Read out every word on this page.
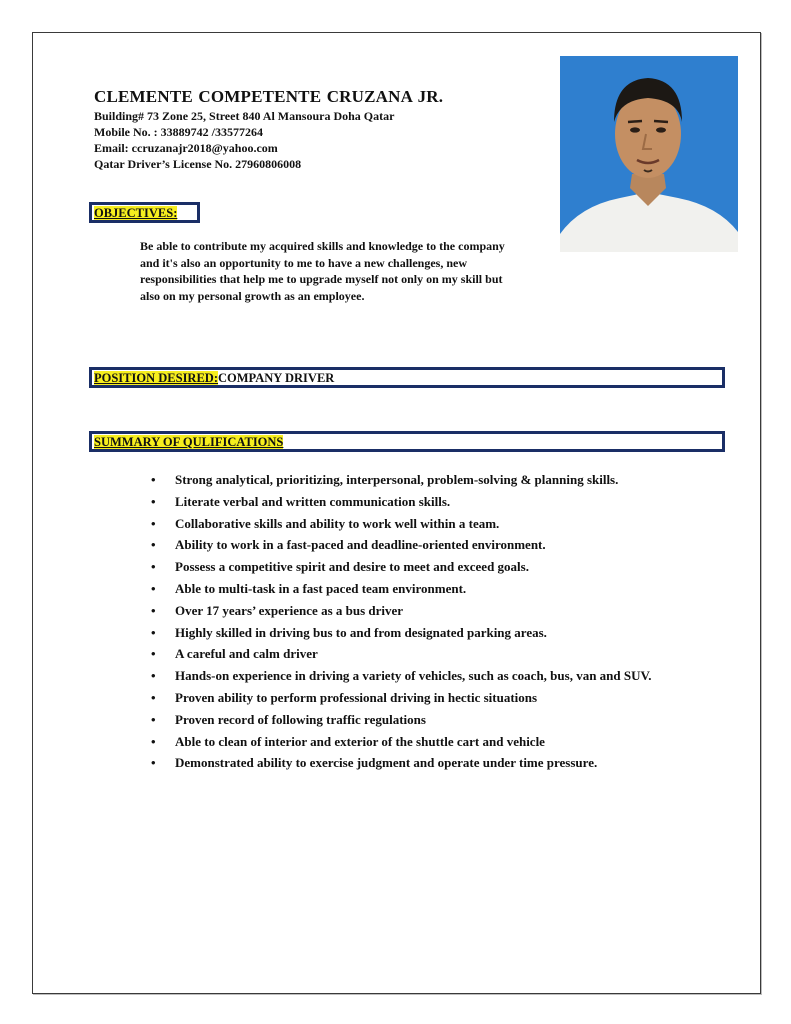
CLEMENTE COMPETENTE CRUZANA JR.
Building# 73 Zone 25, Street 840 Al Mansoura Doha Qatar
Mobile No. : 33889742 /33577264
Email: ccruzanajr2018@yahoo.com
Qatar Driver’s License No. 27960806008
OBJECTIVES:
Be able to contribute my acquired skills and knowledge to the company and it's also an opportunity to me to have a new challenges, new responsibilities that help me to upgrade myself not only on my skill but also on my personal growth as an employee.
POSITION DESIRED:COMPANY DRIVER
SUMMARY OF QULIFICATIONS
• Strong analytical, prioritizing, interpersonal, problem-solving & planning skills.
• Literate verbal and written communication skills.
• Collaborative skills and ability to work well within a team.
• Ability to work in a fast-paced and deadline-oriented environment.
• Possess a competitive spirit and desire to meet and exceed goals.
• Able to multi-task in a fast paced team environment.
• Over 17 years’ experience as a bus driver
• Highly skilled in driving bus to and from designated parking areas.
• A careful and calm driver
• Hands-on experience in driving a variety of vehicles, such as coach, bus, van and SUV.
• Proven ability to perform professional driving in hectic situations
• Proven record of following traffic regulations
• Able to clean of interior and exterior of the shuttle cart and vehicle
• Demonstrated ability to exercise judgment and operate under time pressure.
